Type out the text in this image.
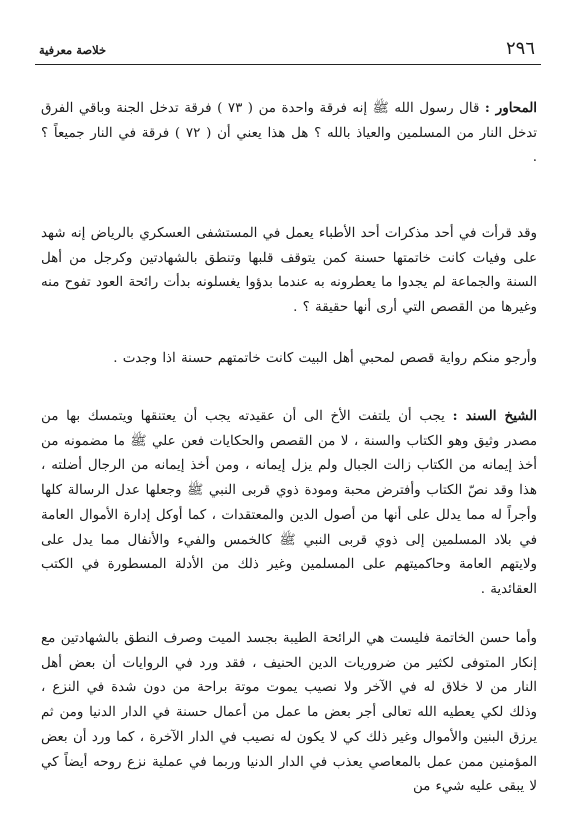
٢٩٦
خلاصة معرفية

المحاور : قال رسول الله ﷺ إنه فرقة واحدة من ( ٧٣ ) فرقة تدخل الجنة وباقي الفرق تدخل النار من المسلمين والعياذ بالله ؟ هل هذا يعني أن ( ٧٢ ) فرقة في النار جميعاً ؟ .

وقد قرأت في أحد مذكرات أحد الأطباء يعمل في المستشفى العسكري بالرياض إنه شهد على وفيات كانت خاتمتها حسنة كمن يتوقف قلبها وتنطق بالشهادتين وكرجل من أهل السنة والجماعة لم يجدوا ما يعطرونه به عندما بدؤوا يغسلونه بدأت رائحة العود تفوح منه وغيرها من القصص التي أرى أنها حقيقة ؟ .

وأرجو منكم رواية قصص لمحبي أهل البيت كانت خاتمتهم حسنة اذا وجدت .

الشيخ السند : يجب أن يلتفت الأخ الى أن عقيدته يجب أن يعتنقها ويتمسك بها من مصدر وثيق وهو الكتاب والسنة ، لا من القصص والحكايات فعن علي ﷺ ما مضمونه من أخذ إيمانه من الكتاب زالت الجبال ولم يزل إيمانه ، ومن أخذ إيمانه من الرجال أضلته ، هذا وقد نصّ الكتاب وأفترض محبة ومودة ذوي قربى النبي ﷺ وجعلها عدل الرسالة كلها وأجراً له مما يدلل على أنها من أصول الدين والمعتقدات ، كما أوكل إدارة الأموال العامة في بلاد المسلمين إلى ذوي قربى النبي ﷺ كالخمس والفيء والأنفال مما يدل على ولايتهم العامة وحاكميتهم على المسلمين وغير ذلك من الأدلة المسطورة في الكتب العقائدية .

وأما حسن الخاتمة فليست هي الرائحة الطيبة بجسد الميت وصرف النطق بالشهادتين مع إنكار المتوفى لكثير من ضروريات الدين الحنيف ، فقد ورد في الروايات أن بعض أهل النار من لا خلاق له في الآخر ولا نصيب يموت موتة براحة من دون شدة في النزع ، وذلك لكي يعطيه الله تعالى أجر بعض ما عمل من أعمال حسنة في الدار الدنيا ومن ثم يرزق البنين والأموال وغير ذلك كي لا يكون له نصيب في الدار الآخرة ، كما ورد أن بعض المؤمنين ممن عمل بالمعاصي يعذب في الدار الدنيا وربما في عملية نزع روحه أيضاً كي لا يبقى عليه شيء من
